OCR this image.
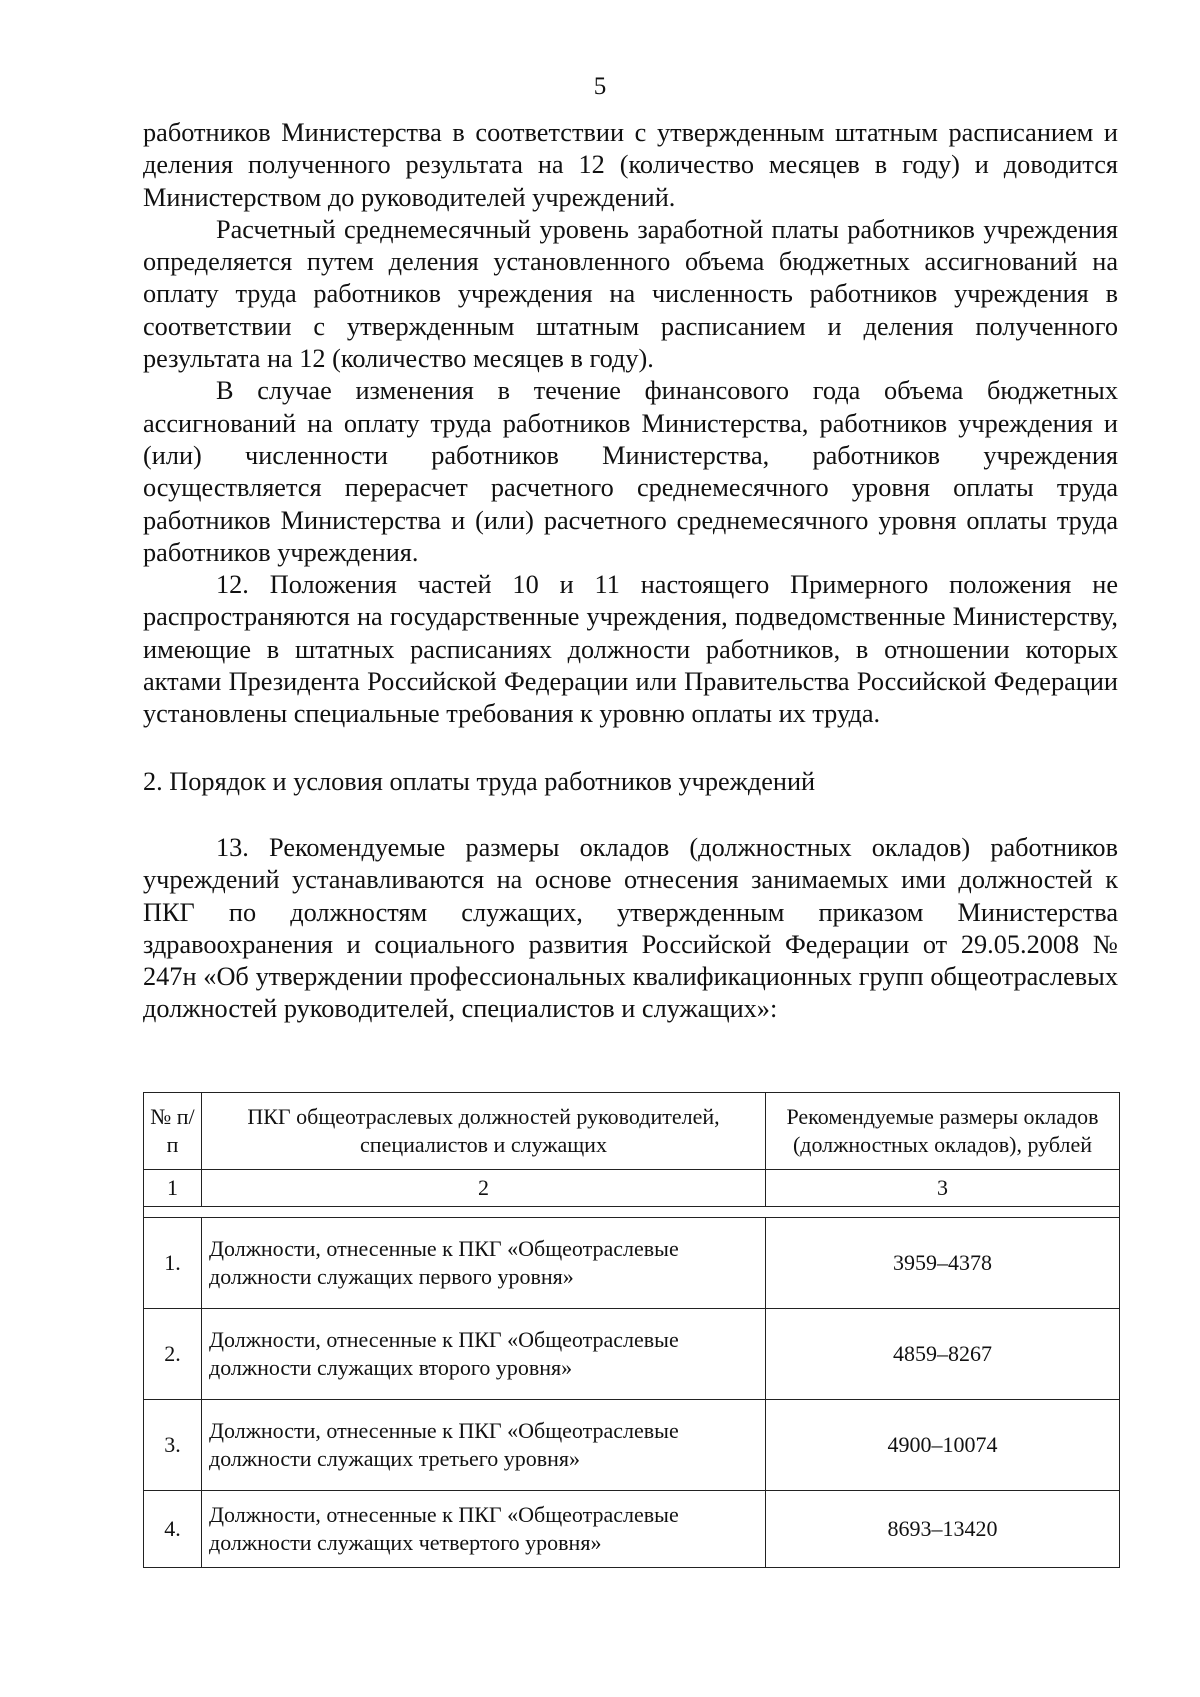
5

работников Министерства в соответствии с утвержденным штатным расписанием и деления полученного результата на 12 (количество месяцев в году) и доводится Министерством до руководителей учреждений.

Расчетный среднемесячный уровень заработной платы работников учреждения определяется путем деления установленного объема бюджетных ассигнований на оплату труда работников учреждения на численность работников учреждения в соответствии с утвержденным штатным расписанием и деления полученного результата на 12 (количество месяцев в году).

В случае изменения в течение финансового года объема бюджетных ассигнований на оплату труда работников Министерства, работников учреждения и (или) численности работников Министерства, работников учреждения осуществляется перерасчет расчетного среднемесячного уровня оплаты труда работников Министерства и (или) расчетного среднемесячного уровня оплаты труда работников учреждения.

12. Положения частей 10 и 11 настоящего Примерного положения не распространяются на государственные учреждения, подведомственные Министерству, имеющие в штатных расписаниях должности работников, в отношении которых актами Президента Российской Федерации или Правительства Российской Федерации установлены специальные требования к уровню оплаты их труда.

2. Порядок и условия оплаты труда работников учреждений

13. Рекомендуемые размеры окладов (должностных окладов) работников учреждений устанавливаются на основе отнесения занимаемых ими должностей к ПКГ по должностям служащих, утвержденным приказом Министерства здравоохранения и социального развития Российской Федерации от 29.05.2008 № 247н «Об утверждении профессиональных квалификационных групп общеотраслевых должностей руководителей, специалистов и служащих»:

№ п/п	ПКГ общеотраслевых должностей руководителей, специалистов и служащих	Рекомендуемые размеры окладов (должностных окладов), рублей
1	2	3

1.	Должности, отнесенные к ПКГ «Общеотраслевые должности служащих первого уровня»	3959–4378
2.	Должности, отнесенные к ПКГ «Общеотраслевые должности служащих второго уровня»	4859–8267
3.	Должности, отнесенные к ПКГ «Общеотраслевые должности служащих третьего уровня»	4900–10074
4.	Должности, отнесенные к ПКГ «Общеотраслевые должности служащих четвертого уровня»	8693–13420
